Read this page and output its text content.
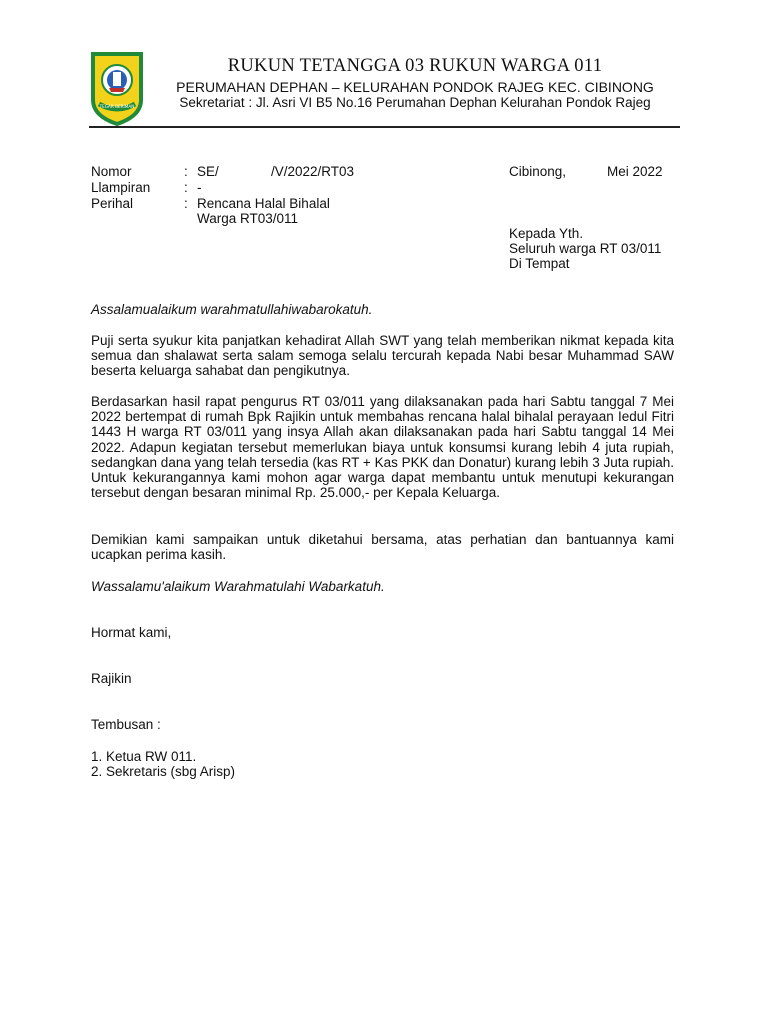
TEGAR BERIMAN
RUKUN TETANGGA 03 RUKUN WARGA 011
PERUMAHAN DEPHAN – KELURAHAN PONDOK RAJEG KEC. CIBINONG
Sekretariat : Jl. Asri VI B5 No.16 Perumahan Dephan Kelurahan Pondok Rajeg
Nomor	: SE/	/V/2022/RT03
Llampiran : -
Perihal	: Rencana Halal Bihalal
Warga RT03/011
Cibinong,	Mei 2022
Kepada Yth.
Seluruh warga RT 03/011
Di Tempat
Assalamualaikum warahmatullahiwabarokatuh.

Puji serta syukur kita panjatkan kehadirat Allah SWT yang telah memberikan nikmat kepada kita semua dan shalawat serta salam semoga selalu tercurah kepada Nabi besar Muhammad SAW beserta keluarga sahabat dan pengikutnya.

Berdasarkan hasil rapat pengurus RT 03/011 yang dilaksanakan pada hari Sabtu tanggal 7 Mei 2022 bertempat di rumah Bpk Rajikin untuk membahas rencana halal bihalal perayaan Iedul Fitri 1443 H warga RT 03/011 yang insya Allah akan dilaksanakan pada hari Sabtu tanggal 14 Mei 2022. Adapun kegiatan tersebut memerlukan biaya untuk konsumsi kurang lebih 4 juta rupiah, sedangkan dana yang telah tersedia (kas RT + Kas PKK dan Donatur) kurang lebih 3 Juta rupiah. Untuk kekurangannya kami mohon agar warga dapat membantu untuk menutupi kekurangan tersebut dengan besaran minimal Rp. 25.000,- per Kepala Keluarga.

Demikian kami sampaikan untuk diketahui bersama, atas perhatian dan bantuannya kami ucapkan perima kasih.

Wassalamu'alaikum Warahmatulahi Wabarkatuh.
Hormat kami,
Rajikin
Tembusan :
1. Ketua RW 011.
2. Sekretaris (sbg Arisp)
